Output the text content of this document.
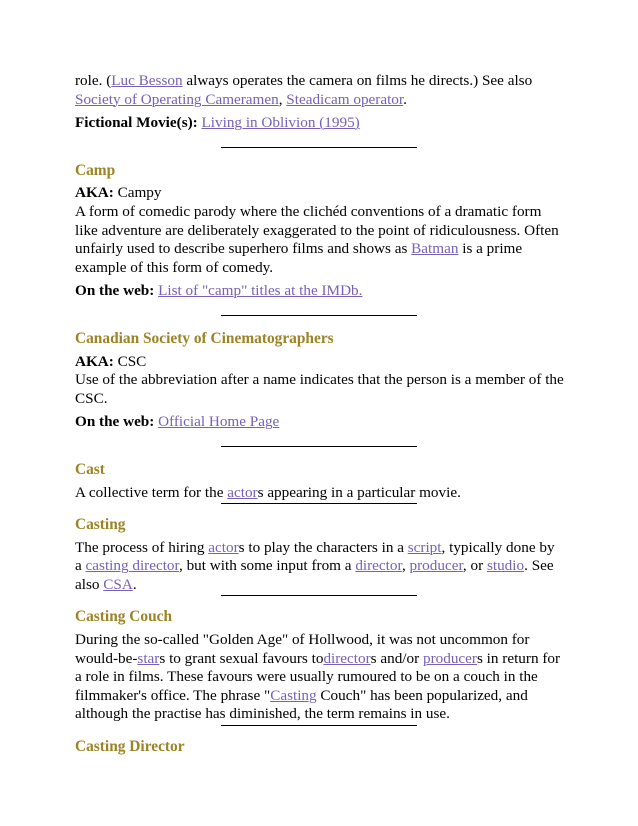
role. (Luc Besson always operates the camera on films he directs.) See also Society of Operating Cameramen, Steadicam operator.

Fictional Movie(s): Living in Oblivion (1995)

Camp

AKA: Campy

A form of comedic parody where the clichéd conventions of a dramatic form like adventure are deliberately exaggerated to the point of ridiculousness. Often unfairly used to describe superhero films and shows as Batman is a prime example of this form of comedy.

On the web: List of "camp" titles at the IMDb.

Canadian Society of Cinematographers

AKA: CSC

Use of the abbreviation after a name indicates that the person is a member of the CSC.

On the web: Official Home Page

Cast

A collective term for the actors appearing in a particular movie.

Casting

The process of hiring actors to play the characters in a script, typically done by a casting director, but with some input from a director, producer, or studio. See also CSA.

Casting Couch

During the so-called "Golden Age" of Hollwood, it was not uncommon for would-be-stars to grant sexual favours todirectors and/or producers in return for a role in films. These favours were usually rumoured to be on a couch in the filmmaker's office. The phrase "Casting Couch" has been popularized, and although the practise has diminished, the term remains in use.

Casting Director
